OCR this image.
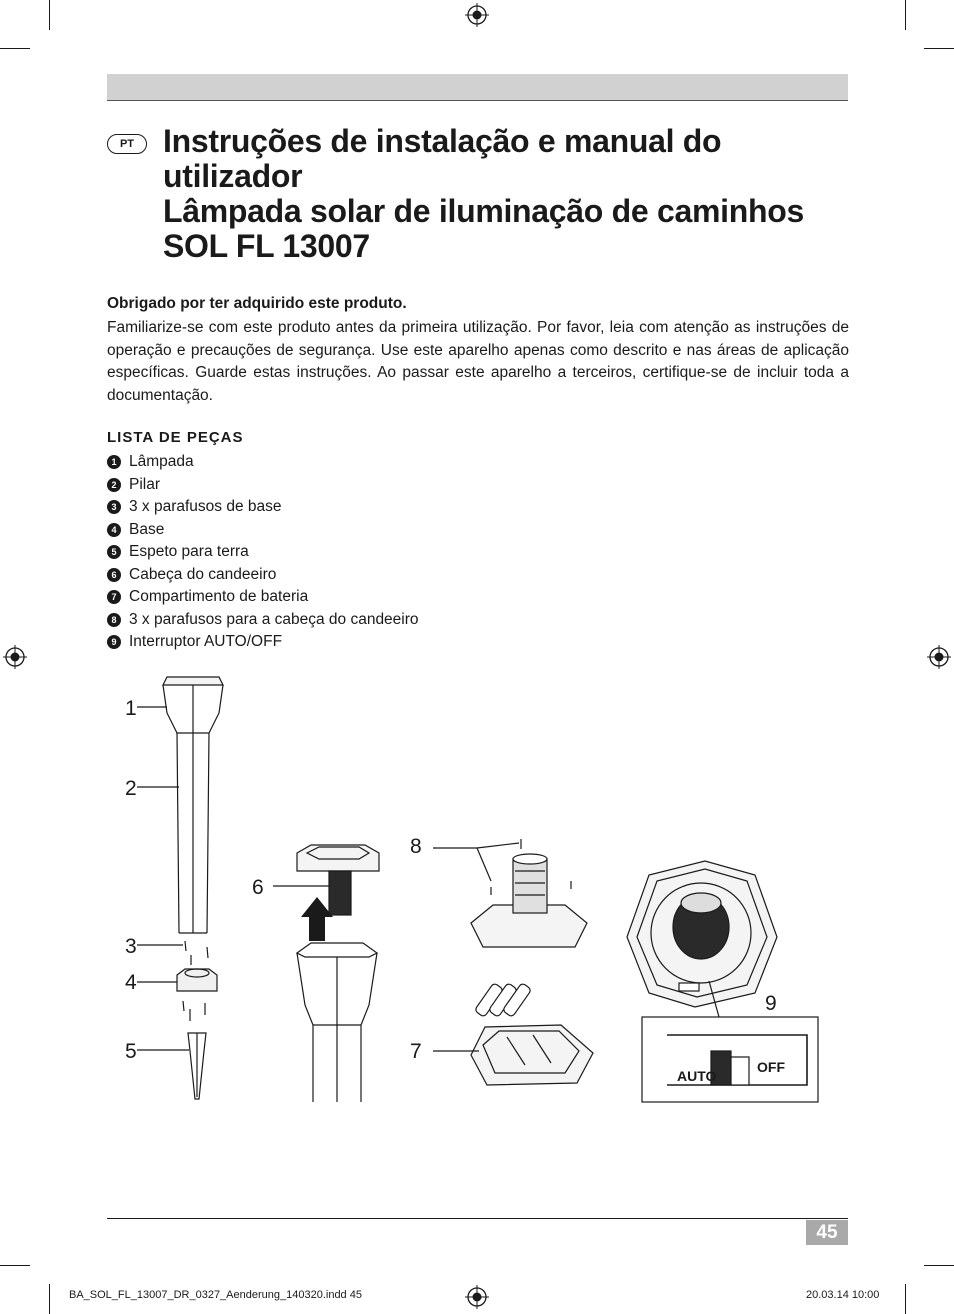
PT Instruções de instalação e manual do
utilizador
Lâmpada solar de iluminação de caminhos
SOL FL 13007
Obrigado por ter adquirido este produto.
Familiarize-se com este produto antes da primeira utilização. Por favor, leia com atenção as instruções de operação e precauções de segurança. Use este aparelho apenas como descrito e nas áreas de aplicação específicas. Guarde estas instruções. Ao passar este aparelho a terceiros, certifique-se de incluir toda a documentação.
LISTA DE PEÇAS
1 Lâmpada
2 Pilar
3 3 x parafusos de base
4 Base
5 Espeto para terra
6 Cabeça do candeeiro
7 Compartimento de bateria
8 3 x parafusos para a cabeça do candeeiro
9 Interruptor AUTO/OFF
1
2
3
4
5
6
7
8
9
AUTO
OFF
45
BA_SOL_FL_13007_DR_0327_Aenderung_140320.indd 45	20.03.14 10:00
